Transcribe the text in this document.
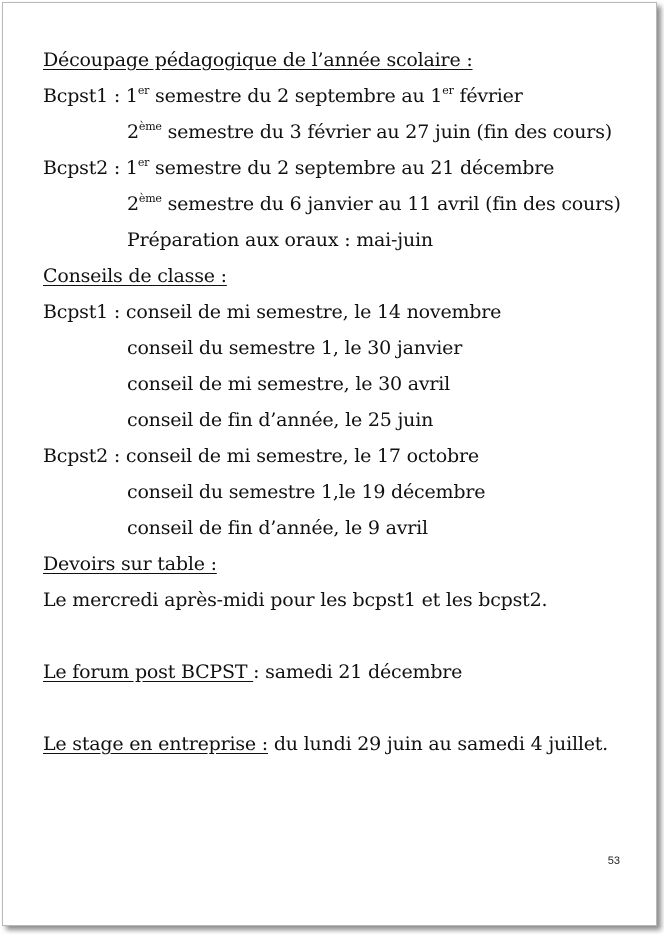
Découpage pédagogique de l’année scolaire :
Bcpst1 : 1er semestre du 2 septembre au 1er février
2ème semestre du 3 février au 27 juin (fin des cours)
Bcpst2 : 1er semestre du 2 septembre au 21 décembre
2ème semestre du 6 janvier au 11 avril (fin des cours)
Préparation aux oraux : mai-juin
Conseils de classe :
Bcpst1 : conseil de mi semestre, le 14 novembre
conseil du semestre 1, le 30 janvier
conseil de mi semestre, le 30 avril
conseil de fin d’année, le 25 juin
Bcpst2 : conseil de mi semestre, le 17 octobre
conseil du semestre 1,le 19 décembre
conseil de fin d’année, le 9 avril
Devoirs sur table :
Le mercredi après-midi pour les bcpst1 et les bcpst2.
Le forum post BCPST : samedi 21 décembre
Le stage en entreprise : du lundi 29 juin au samedi 4 juillet.
53
